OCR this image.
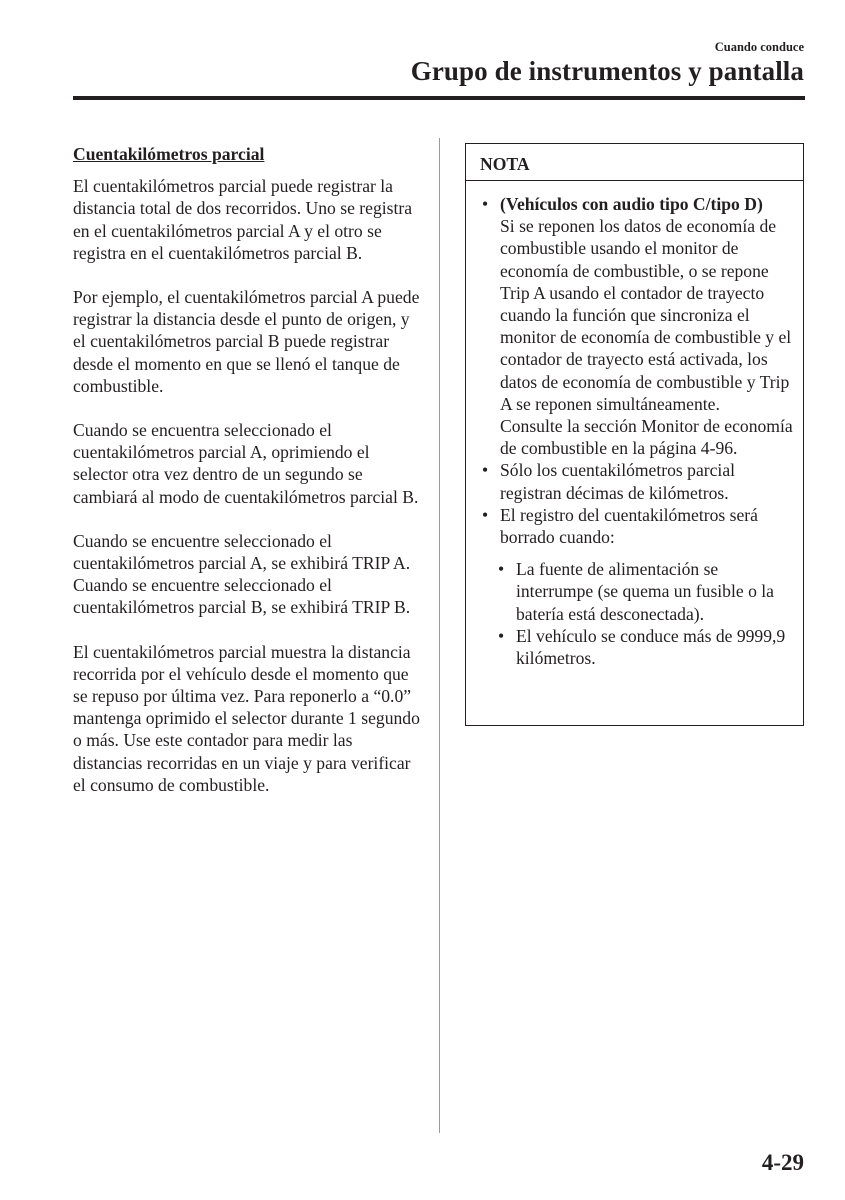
Cuando conduce
Grupo de instrumentos y pantalla
Cuentakilómetros parcial

El cuentakilómetros parcial puede registrar la distancia total de dos recorridos. Uno se registra en el cuentakilómetros parcial A y el otro se registra en el cuentakilómetros parcial B.

Por ejemplo, el cuentakilómetros parcial A puede registrar la distancia desde el punto de origen, y el cuentakilómetros parcial B puede registrar desde el momento en que se llenó el tanque de combustible.

Cuando se encuentra seleccionado el cuentakilómetros parcial A, oprimiendo el selector otra vez dentro de un segundo se cambiará al modo de cuentakilómetros parcial B.

Cuando se encuentre seleccionado el cuentakilómetros parcial A, se exhibirá TRIP A. Cuando se encuentre seleccionado el cuentakilómetros parcial B, se exhibirá TRIP B.

El cuentakilómetros parcial muestra la distancia recorrida por el vehículo desde el momento que se repuso por última vez. Para reponerlo a “0.0” mantenga oprimido el selector durante 1 segundo o más. Use este contador para medir las distancias recorridas en un viaje y para verificar el consumo de combustible.

NOTA
• (Vehículos con audio tipo C/tipo D)
Si se reponen los datos de economía de combustible usando el monitor de economía de combustible, o se repone Trip A usando el contador de trayecto cuando la función que sincroniza el monitor de economía de combustible y el contador de trayecto está activada, los datos de economía de combustible y Trip A se reponen simultáneamente.
Consulte la sección Monitor de economía de combustible en la página 4-96.
• Sólo los cuentakilómetros parcial registran décimas de kilómetros.
• El registro del cuentakilómetros será borrado cuando:
• La fuente de alimentación se interrumpe (se quema un fusible o la batería está desconectada).
• El vehículo se conduce más de 9999,9 kilómetros.
4-29
